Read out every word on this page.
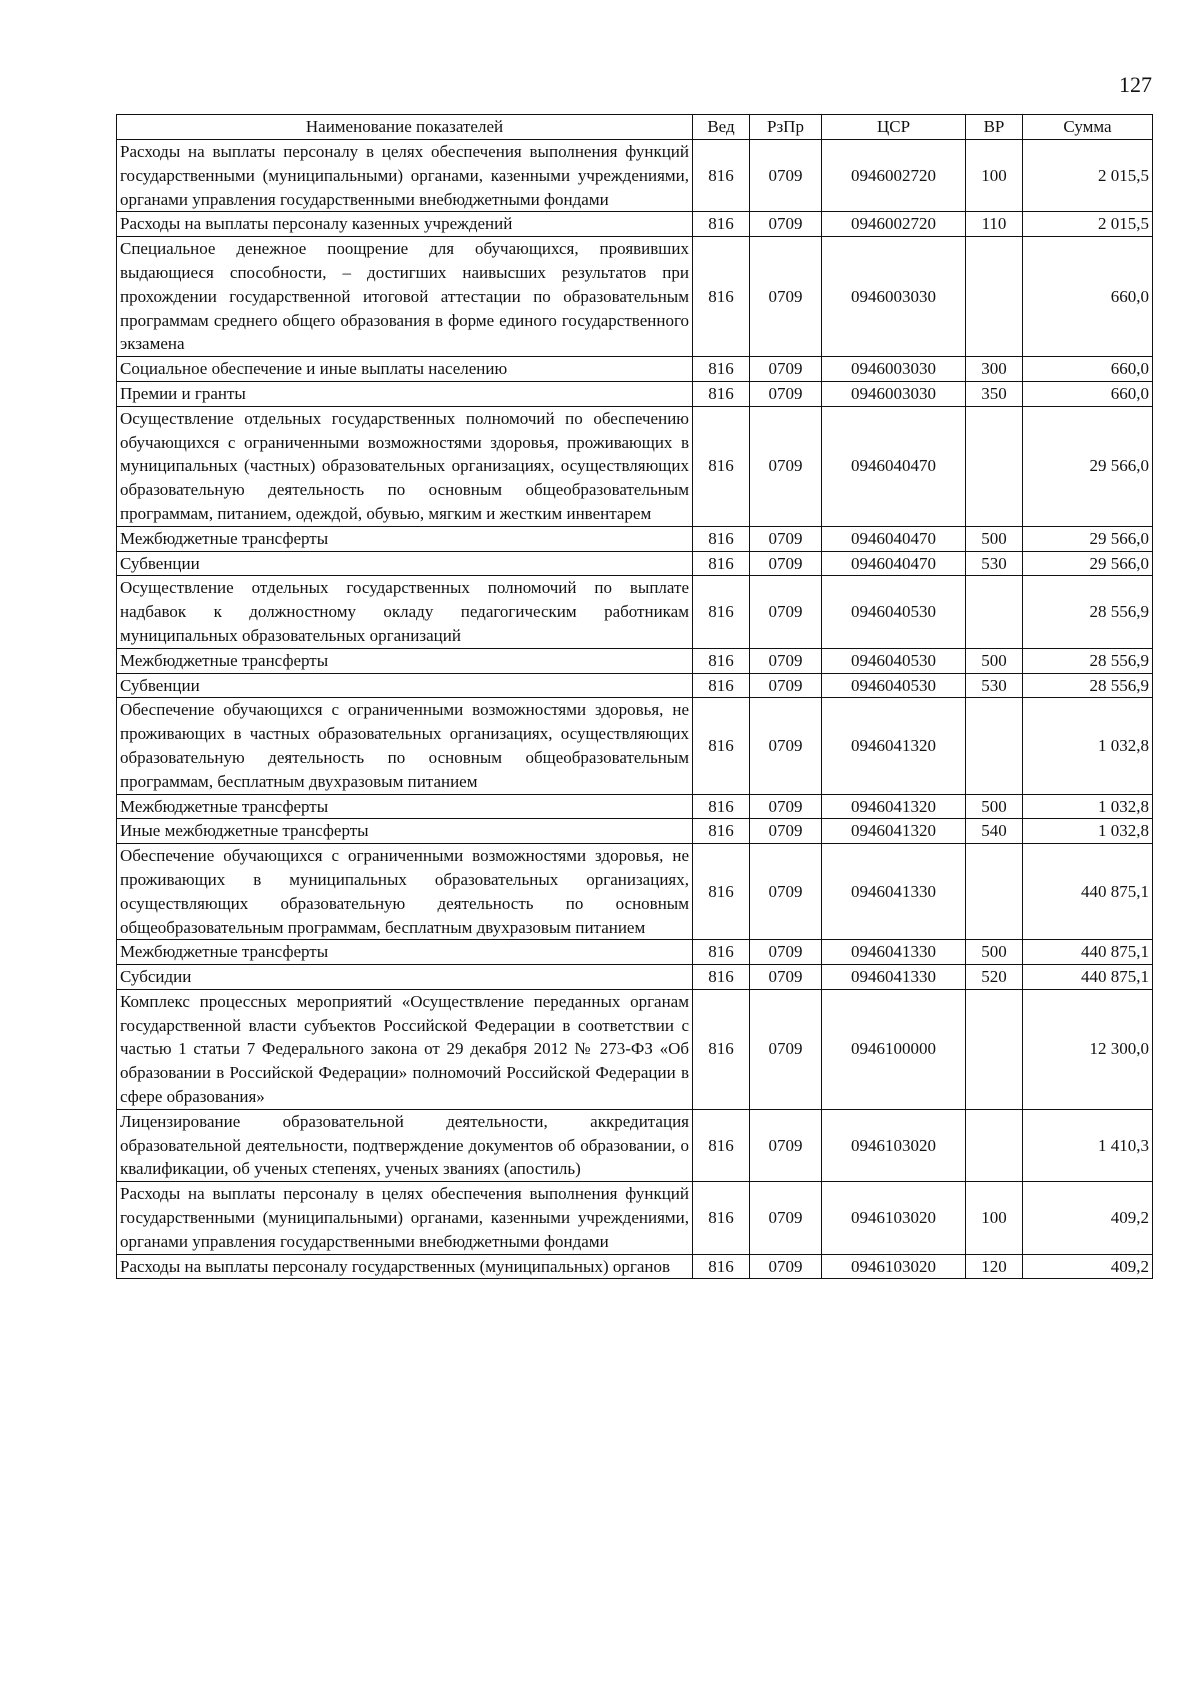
127
Наименование показателей	Вед	РзПр	ЦСР	ВР	Сумма
Расходы на выплаты персоналу в целях обеспечения выполнения функций государственными (муниципальными) органами, казенными учреждениями, органами управления государственными внебюджетными фондами	816	0709	0946002720	100	2 015,5
Расходы на выплаты персоналу казенных учреждений	816	0709	0946002720	110	2 015,5
Специальное денежное поощрение для обучающихся, проявивших выдающиеся способности, – достигших наивысших результатов при прохождении государственной итоговой аттестации по образовательным программам среднего общего образования в форме единого государственного экзамена	816	0709	0946003030		660,0
Социальное обеспечение и иные выплаты населению	816	0709	0946003030	300	660,0
Премии и гранты	816	0709	0946003030	350	660,0
Осуществление отдельных государственных полномочий по обеспечению обучающихся с ограниченными возможностями здоровья, проживающих в муниципальных (частных) образовательных организациях, осуществляющих образовательную деятельность по основным общеобразовательным программам, питанием, одеждой, обувью, мягким и жестким инвентарем	816	0709	0946040470		29 566,0
Межбюджетные трансферты	816	0709	0946040470	500	29 566,0
Субвенции	816	0709	0946040470	530	29 566,0
Осуществление отдельных государственных полномочий по выплате надбавок к должностному окладу педагогическим работникам муниципальных образовательных организаций	816	0709	0946040530		28 556,9
Межбюджетные трансферты	816	0709	0946040530	500	28 556,9
Субвенции	816	0709	0946040530	530	28 556,9
Обеспечение обучающихся с ограниченными возможностями здоровья, не проживающих в частных образовательных организациях, осуществляющих образовательную деятельность по основным общеобразовательным программам, бесплатным двухразовым питанием	816	0709	0946041320		1 032,8
Межбюджетные трансферты	816	0709	0946041320	500	1 032,8
Иные межбюджетные трансферты	816	0709	0946041320	540	1 032,8
Обеспечение обучающихся с ограниченными возможностями здоровья, не проживающих в муниципальных образовательных организациях, осуществляющих образовательную деятельность по основным общеобразовательным программам, бесплатным двухразовым питанием	816	0709	0946041330		440 875,1
Межбюджетные трансферты	816	0709	0946041330	500	440 875,1
Субсидии	816	0709	0946041330	520	440 875,1
Комплекс процессных мероприятий «Осуществление переданных органам государственной власти субъектов Российской Федерации в соответствии с частью 1 статьи 7 Федерального закона от 29 декабря 2012 № 273-ФЗ «Об образовании в Российской Федерации» полномочий Российской Федерации в сфере образования»	816	0709	0946100000		12 300,0
Лицензирование образовательной деятельности, аккредитация образовательной деятельности, подтверждение документов об образовании, о квалификации, об ученых степенях, ученых званиях (апостиль)	816	0709	0946103020		1 410,3
Расходы на выплаты персоналу в целях обеспечения выполнения функций государственными (муниципальными) органами, казенными учреждениями, органами управления государственными внебюджетными фондами	816	0709	0946103020	100	409,2
Расходы на выплаты персоналу государственных (муниципальных) органов	816	0709	0946103020	120	409,2
